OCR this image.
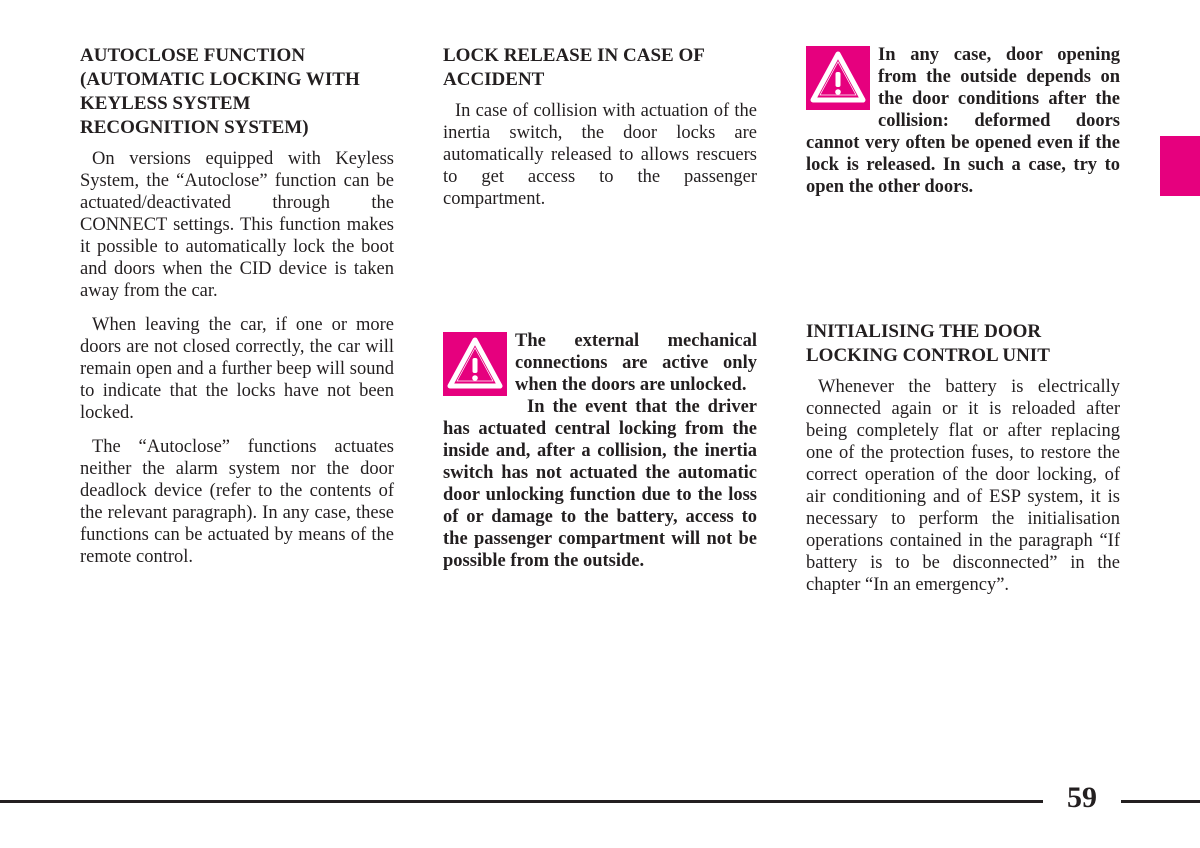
AUTOCLOSE FUNCTION (AUTOMATIC LOCKING WITH KEYLESS SYSTEM RECOGNITION SYSTEM)

On versions equipped with Keyless System, the “Autoclose” function can be actuated/deactivated through the CONNECT settings. This function makes it possible to automatically lock the boot and doors when the CID device is taken away from the car.

When leaving the car, if one or more doors are not closed correctly, the car will remain open and a further beep will sound to indicate that the locks have not been locked.

The “Autoclose” functions actuates neither the alarm system nor the door deadlock device (refer to the contents of the relevant paragraph). In any case, these functions can be actuated by means of the remote control.

LOCK RELEASE IN CASE OF ACCIDENT

In case of collision with actuation of the inertia switch, the door locks are automatically released to allows rescuers to get access to the passenger compartment.

The external mechanical connections are active only when the doors are unlocked.

In the event that the driver has actuated central locking from the inside and, after a collision, the inertia switch has not actuated the automatic door unlocking function due to the loss of or damage to the battery, access to the passenger compartment will not be possible from the outside.

In any case, door opening from the outside depends on the door conditions after the collision: deformed doors cannot very often be opened even if the lock is released. In such a case, try to open the other doors.

INITIALISING THE DOOR LOCKING CONTROL UNIT

Whenever the battery is electrically connected again or it is reloaded after being completely flat or after replacing one of the protection fuses, to restore the correct operation of the door locking, of air conditioning and of ESP system, it is necessary to perform the initialisation operations contained in the paragraph “If battery is to be disconnected” in the chapter “In an emergency”.

59
